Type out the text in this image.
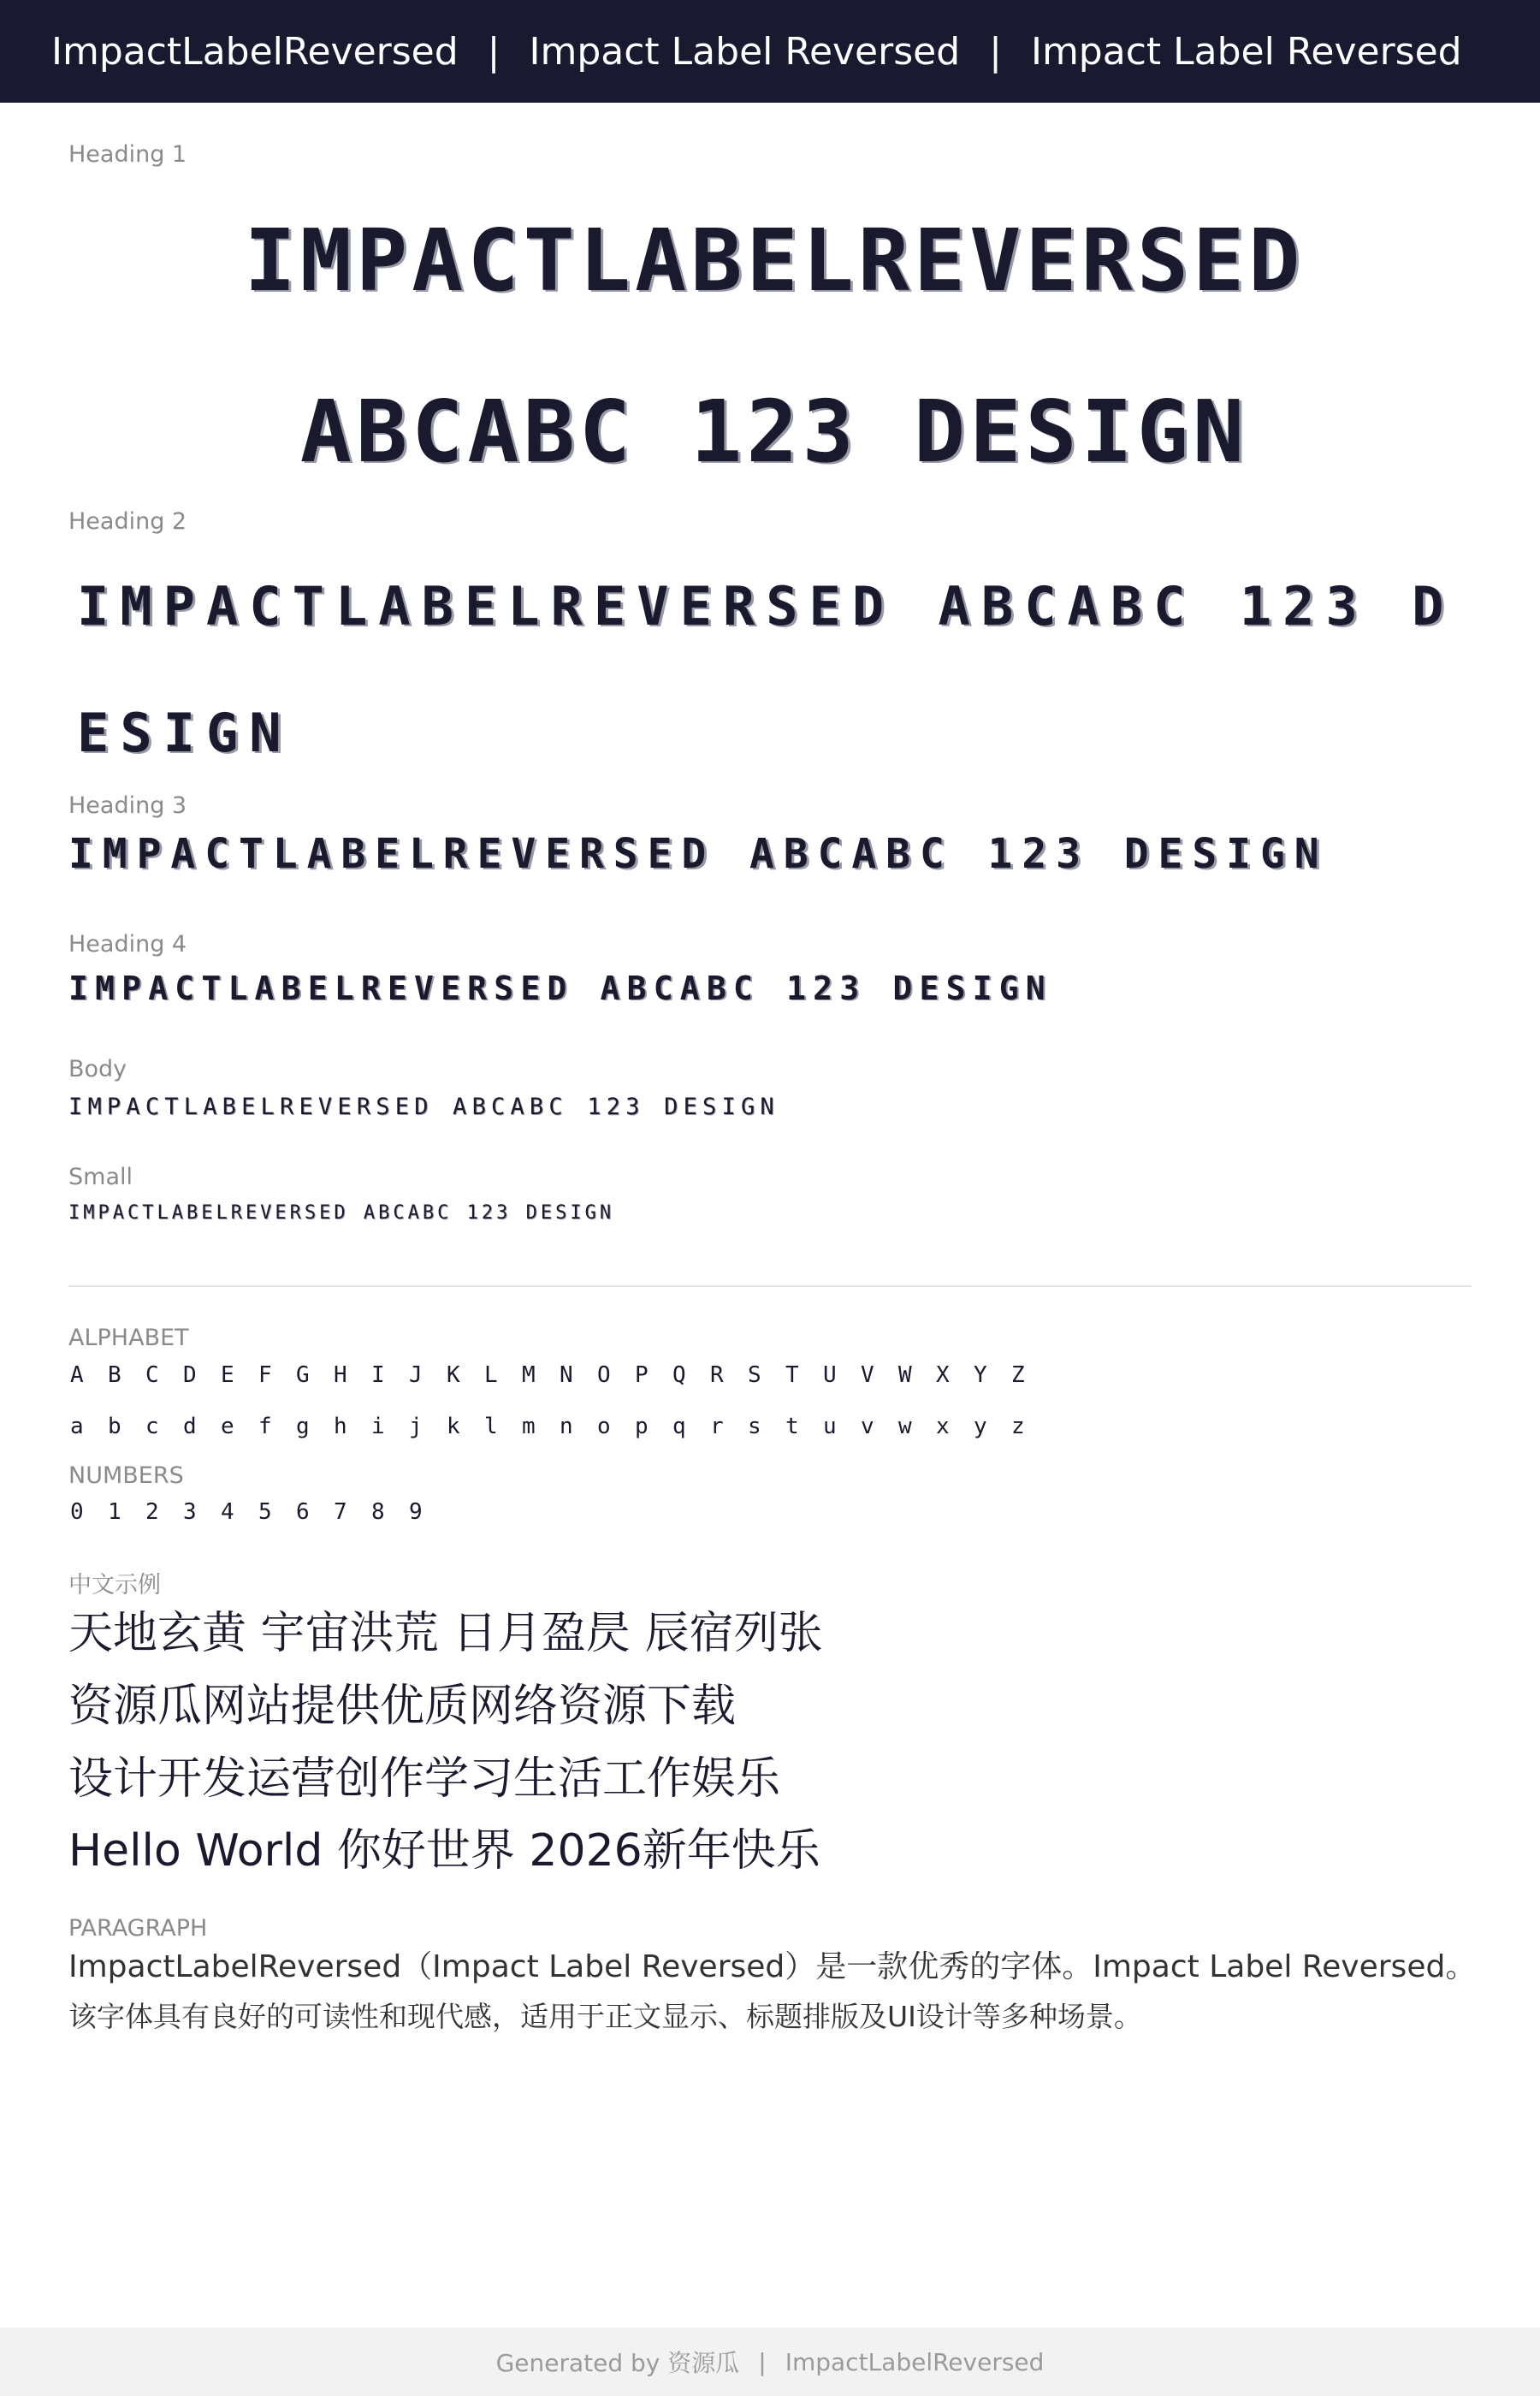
ImpactLabelReversed | Impact Label Reversed | Impact Label Reversed
Heading 1
IMPACTLABELREVERSED ABCABC 123 DESIGN
Heading 2
IMPACTLABELREVERSED ABCABC 123 DESIGN
Heading 3
IMPACTLABELREVERSED ABCABC 123 DESIGN
Heading 4
IMPACTLABELREVERSED ABCABC 123 DESIGN
Body
IMPACTLABELREVERSED ABCABC 123 DESIGN
Small
IMPACTLABELREVERSED ABCABC 123 DESIGN
ALPHABET
A	B	C	D	E	F	G	H	I	J	K	L	M	N	O	P	Q	R	S	T	U	V	W	X	Y	Z
a	b	c	d	e	f	g	h	i	j	k	l	m	n	o	p	q	r	s	t	u	v	w	x	y	z
NUMBERS
0	1	2	3	4	5	6	7	8	9
中文示例
天地玄黄 宇宙洪荒 日月盈昃 辰宿列张
资源瓜网站提供优质网络资源下载
设计开发运营创作学习生活工作娱乐
Hello World 你好世界 2026新年快乐
PARAGRAPH
ImpactLabelReversed（Impact Label Reversed）是一款优秀的字体。Impact Label Reversed。
该字体具有良好的可读性和现代感，适用于正文显示、标题排版及UI设计等多种场景。
Generated by 资源瓜 | ImpactLabelReversed
